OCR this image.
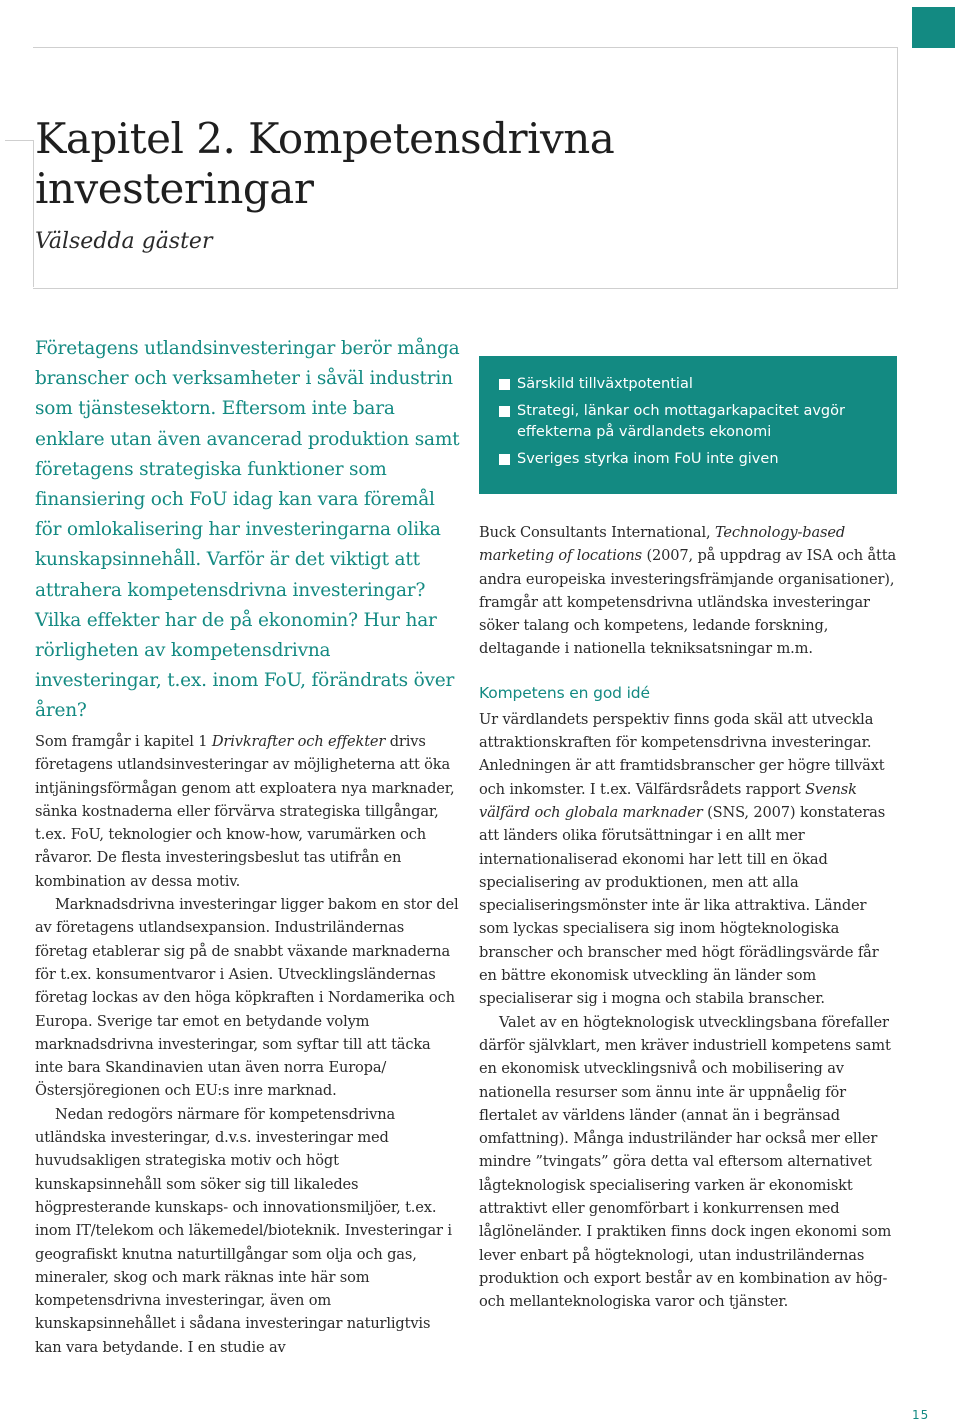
Kapitel 2. Kompetensdrivna investeringar

Välsedda gäster

Företagens utlandsinvesteringar berör många branscher och verksamheter i såväl industrin som tjänstesektorn. Eftersom inte bara enklare utan även avancerad produktion samt företagens strategiska funktioner som finansiering och FoU idag kan vara föremål för omlokalisering har investeringarna olika kunskapsinnehåll. Varför är det viktigt att attrahera kompetensdrivna investeringar? Vilka effekter har de på ekonomin? Hur har rörligheten av kompetensdrivna investeringar, t.ex. inom FoU, förändrats över åren?

Som framgår i kapitel 1 Drivkrafter och effekter drivs företagens utlandsinvesteringar av möjligheterna att öka intjäningsförmågan genom att exploatera nya marknader, sänka kostnaderna eller förvärva strategiska tillgångar, t.ex. FoU, teknologier och know-how, varumärken och råvaror. De flesta investeringsbeslut tas utifrån en kombination av dessa motiv.

Marknadsdrivna investeringar ligger bakom en stor del av företagens utlandsexpansion. Industriländernas företag etablerar sig på de snabbt växande marknaderna för t.ex. konsumentvaror i Asien. Utvecklingsländernas företag lockas av den höga köpkraften i Nordamerika och Europa. Sverige tar emot en betydande volym marknadsdrivna investeringar, som syftar till att täcka inte bara Skandinavien utan även norra Europa/Östersjöregionen och EU:s inre marknad.

Nedan redogörs närmare för kompetensdrivna utländska investeringar, d.v.s. investeringar med huvudsakligen strategiska motiv och högt kunskapsinnehåll som söker sig till likaledes högpresterande kunskaps- och innovationsmiljöer, t.ex. inom IT/telekom och läkemedel/bioteknik. Investeringar i geografiskt knutna naturtillgångar som olja och gas, mineraler, skog och mark räknas inte här som kompetensdrivna investeringar, även om kunskapsinnehållet i sådana investeringar naturligtvis kan vara betydande. I en studie av

Särskild tillväxtpotential
Strategi, länkar och mottagarkapacitet avgör effekterna på värdlandets ekonomi
Sveriges styrka inom FoU inte given

Buck Consultants International, Technology-based marketing of locations (2007, på uppdrag av ISA och åtta andra europeiska investeringsfrämjande organisationer), framgår att kompetensdrivna utländska investeringar söker talang och kompetens, ledande forskning, deltagande i nationella tekniksatsningar m.m.

Kompetens en god idé

Ur värdlandets perspektiv finns goda skäl att utveckla attraktionskraften för kompetensdrivna investeringar. Anledningen är att framtidsbranscher ger högre tillväxt och inkomster. I t.ex. Välfärdsrådets rapport Svensk välfärd och globala marknader (SNS, 2007) konstateras att länders olika förutsättningar i en allt mer internationaliserad ekonomi har lett till en ökad specialisering av produktionen, men att alla specialiseringsmönster inte är lika attraktiva. Länder som lyckas specialisera sig inom högteknologiska branscher och branscher med högt förädlingsvärde får en bättre ekonomisk utveckling än länder som specialiserar sig i mogna och stabila branscher.

Valet av en högteknologisk utvecklingsbana förefaller därför självklart, men kräver industriell kompetens samt en ekonomisk utvecklingsnivå och mobilisering av nationella resurser som ännu inte är uppnåelig för flertalet av världens länder (annat än i begränsad omfattning). Många industriländer har också mer eller mindre ”tvingats” göra detta val eftersom alternativet lågteknologisk specialisering varken är ekonomiskt attraktivt eller genomförbart i konkurrensen med låglöneländer. I praktiken finns dock ingen ekonomi som lever enbart på högteknologi, utan industriländernas produktion och export består av en kombination av hög- och mellanteknologiska varor och tjänster.

15
